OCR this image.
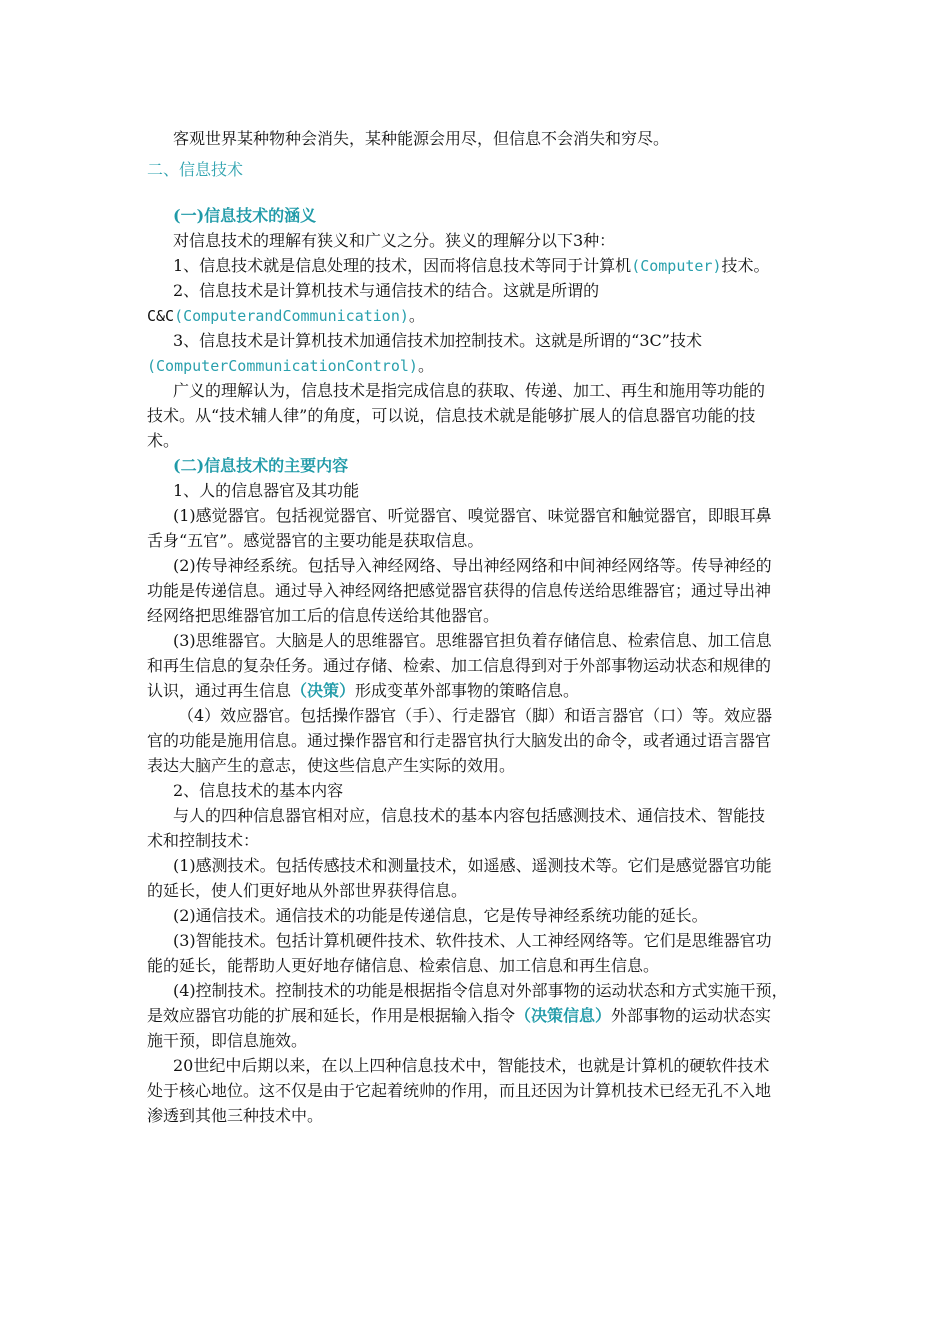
客观世界某种物种会消失，某种能源会用尽，但信息不会消失和穷尽。
二、信息技术
(一)信息技术的涵义
对信息技术的理解有狭义和广义之分。狭义的理解分以下3种：
1、信息技术就是信息处理的技术，因而将信息技术等同于计算机(Computer)技术。
2、信息技术是计算机技术与通信技术的结合。这就是所谓的
C&C(ComputerandCommunication)。
3、信息技术是计算机技术加通信技术加控制技术。这就是所谓的“3C”技术
(ComputerCommunicationControl)。
广义的理解认为，信息技术是指完成信息的获取、传递、加工、再生和施用等功能的
技术。从“技术辅人律”的角度，可以说，信息技术就是能够扩展人的信息器官功能的技
术。
(二)信息技术的主要内容
1、人的信息器官及其功能
(1)感觉器官。包括视觉器官、听觉器官、嗅觉器官、味觉器官和触觉器官，即眼耳鼻
舌身“五官”。感觉器官的主要功能是获取信息。
(2)传导神经系统。包括导入神经网络、导出神经网络和中间神经网络等。传导神经的
功能是传递信息。通过导入神经网络把感觉器官获得的信息传送给思维器官；通过导出神
经网络把思维器官加工后的信息传送给其他器官。
(3)思维器官。大脑是人的思维器官。思维器官担负着存储信息、检索信息、加工信息
和再生信息的复杂任务。通过存储、检索、加工信息得到对于外部事物运动状态和规律的
认识，通过再生信息（决策）形成变革外部事物的策略信息。
（4）效应器官。包括操作器官（手）、行走器官（脚）和语言器官（口）等。效应器
官的功能是施用信息。通过操作器官和行走器官执行大脑发出的命令，或者通过语言器官
表达大脑产生的意志，使这些信息产生实际的效用。
2、信息技术的基本内容
与人的四种信息器官相对应，信息技术的基本内容包括感测技术、通信技术、智能技
术和控制技术：
(1)感测技术。包括传感技术和测量技术，如遥感、遥测技术等。它们是感觉器官功能
的延长，使人们更好地从外部世界获得信息。
(2)通信技术。通信技术的功能是传递信息，它是传导神经系统功能的延长。
(3)智能技术。包括计算机硬件技术、软件技术、人工神经网络等。它们是思维器官功
能的延长，能帮助人更好地存储信息、检索信息、加工信息和再生信息。
(4)控制技术。控制技术的功能是根据指令信息对外部事物的运动状态和方式实施干预，
是效应器官功能的扩展和延长，作用是根据输入指令（决策信息）外部事物的运动状态实
施干预，即信息施效。
20世纪中后期以来，在以上四种信息技术中，智能技术，也就是计算机的硬软件技术
处于核心地位。这不仅是由于它起着统帅的作用，而且还因为计算机技术已经无孔不入地
渗透到其他三种技术中。
